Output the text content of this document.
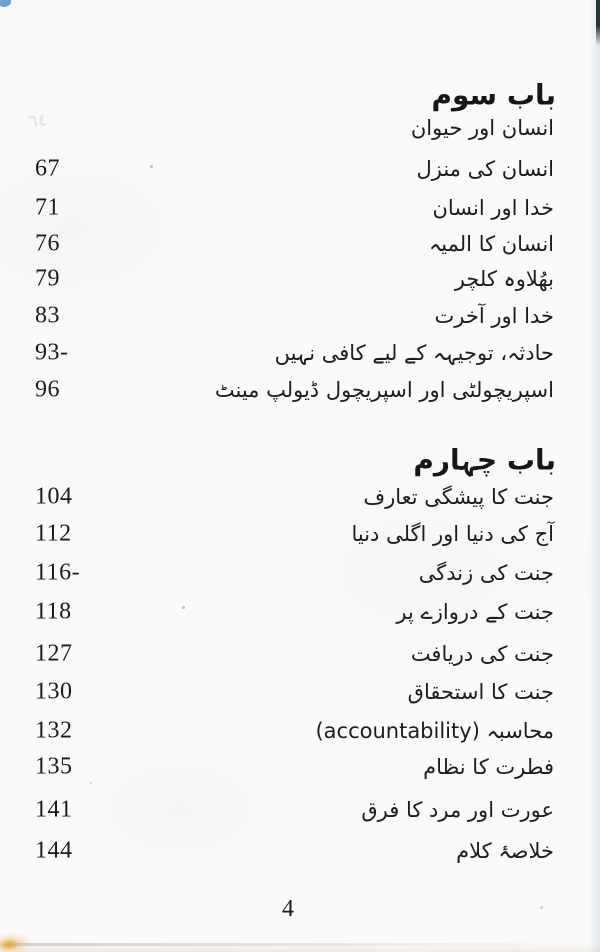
٦٤
باب سوم
انسان اور حیوان
67	انسان کی منزل
71	خدا اور انسان
76	انسان کا المیہ
79	بھُلاوہ کلچر
83	خدا اور آخرت
93-	حادثہ، توجیہہ کے لیے کافی نہیں
96	اسپریچولٹی اور اسپریچول ڈیولپ مینٹ
باب چہارم
104	جنت کا پیشگی تعارف
112	آج کی دنیا اور اگلی دنیا
116-	جنت کی زندگی
118	جنت کے دروازے پر
127	جنت کی دریافت
130	جنت کا استحقاق
132	محاسبہ (accountability)
135	فطرت کا نظام
141	عورت اور مرد کا فرق
144	خلاصۂ کلام
4
